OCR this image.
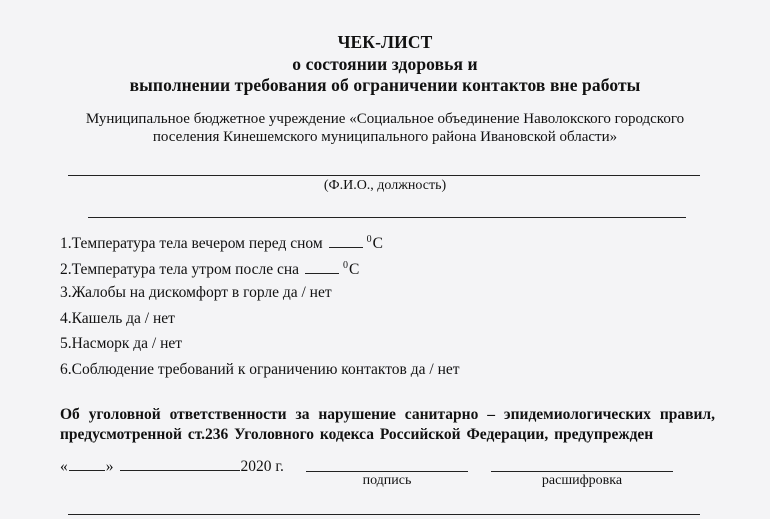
ЧЕК-ЛИСТ
о состоянии здоровья и
выполнении требования об ограничении контактов вне работы
Муниципальное бюджетное учреждение «Социальное объединение Наволокского городского
поселения Кинешемского муниципального района Ивановской области»
(Ф.И.О., должность)
1.Температура тела вечером перед сном	$^0$С
2.Температура тела утром после сна	$^0$С
3.Жалобы на дискомфорт в горле да / нет
4.Кашель да / нет
5.Насморк да / нет
6.Соблюдение требований к ограничению контактов да / нет
Об уголовной ответственности за нарушение санитарно – эпидемиологических правил, предусмотренной ст.236 Уголовного кодекса Российской Федерации, предупрежден
« »	2020 г.
подпись	расшифровка
